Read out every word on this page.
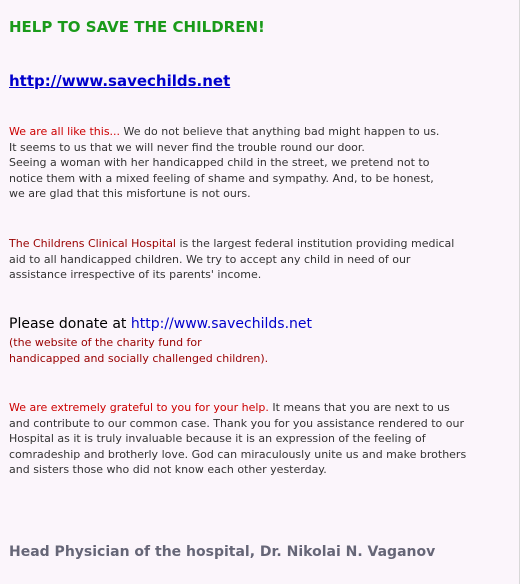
HELP TO SAVE THE CHILDREN!
http://www.savechilds.net

We are all like this... We do not believe that anything bad might happen to us.
It seems to us that we will never find the trouble round our door.
Seeing a woman with her handicapped child in the street, we pretend not to
notice them with a mixed feeling of shame and sympathy. And, to be honest,
we are glad that this misfortune is not ours.

The Childrens Clinical Hospital is the largest federal institution providing medical
aid to all handicapped children. We try to accept any child in need of our
assistance irrespective of its parents' income.

Please donate at http://www.savechilds.net

(the website of the charity fund for
handicapped and socially challenged children).

We are extremely grateful to you for your help. It means that you are next to us
and contribute to our common case. Thank you for you assistance rendered to our
Hospital as it is truly invaluable because it is an expression of the feeling of
comradeship and brotherly love. God can miraculously unite us and make brothers
and sisters those who did not know each other yesterday.

Head Physician of the hospital, Dr. Nikolai N. Vaganov
